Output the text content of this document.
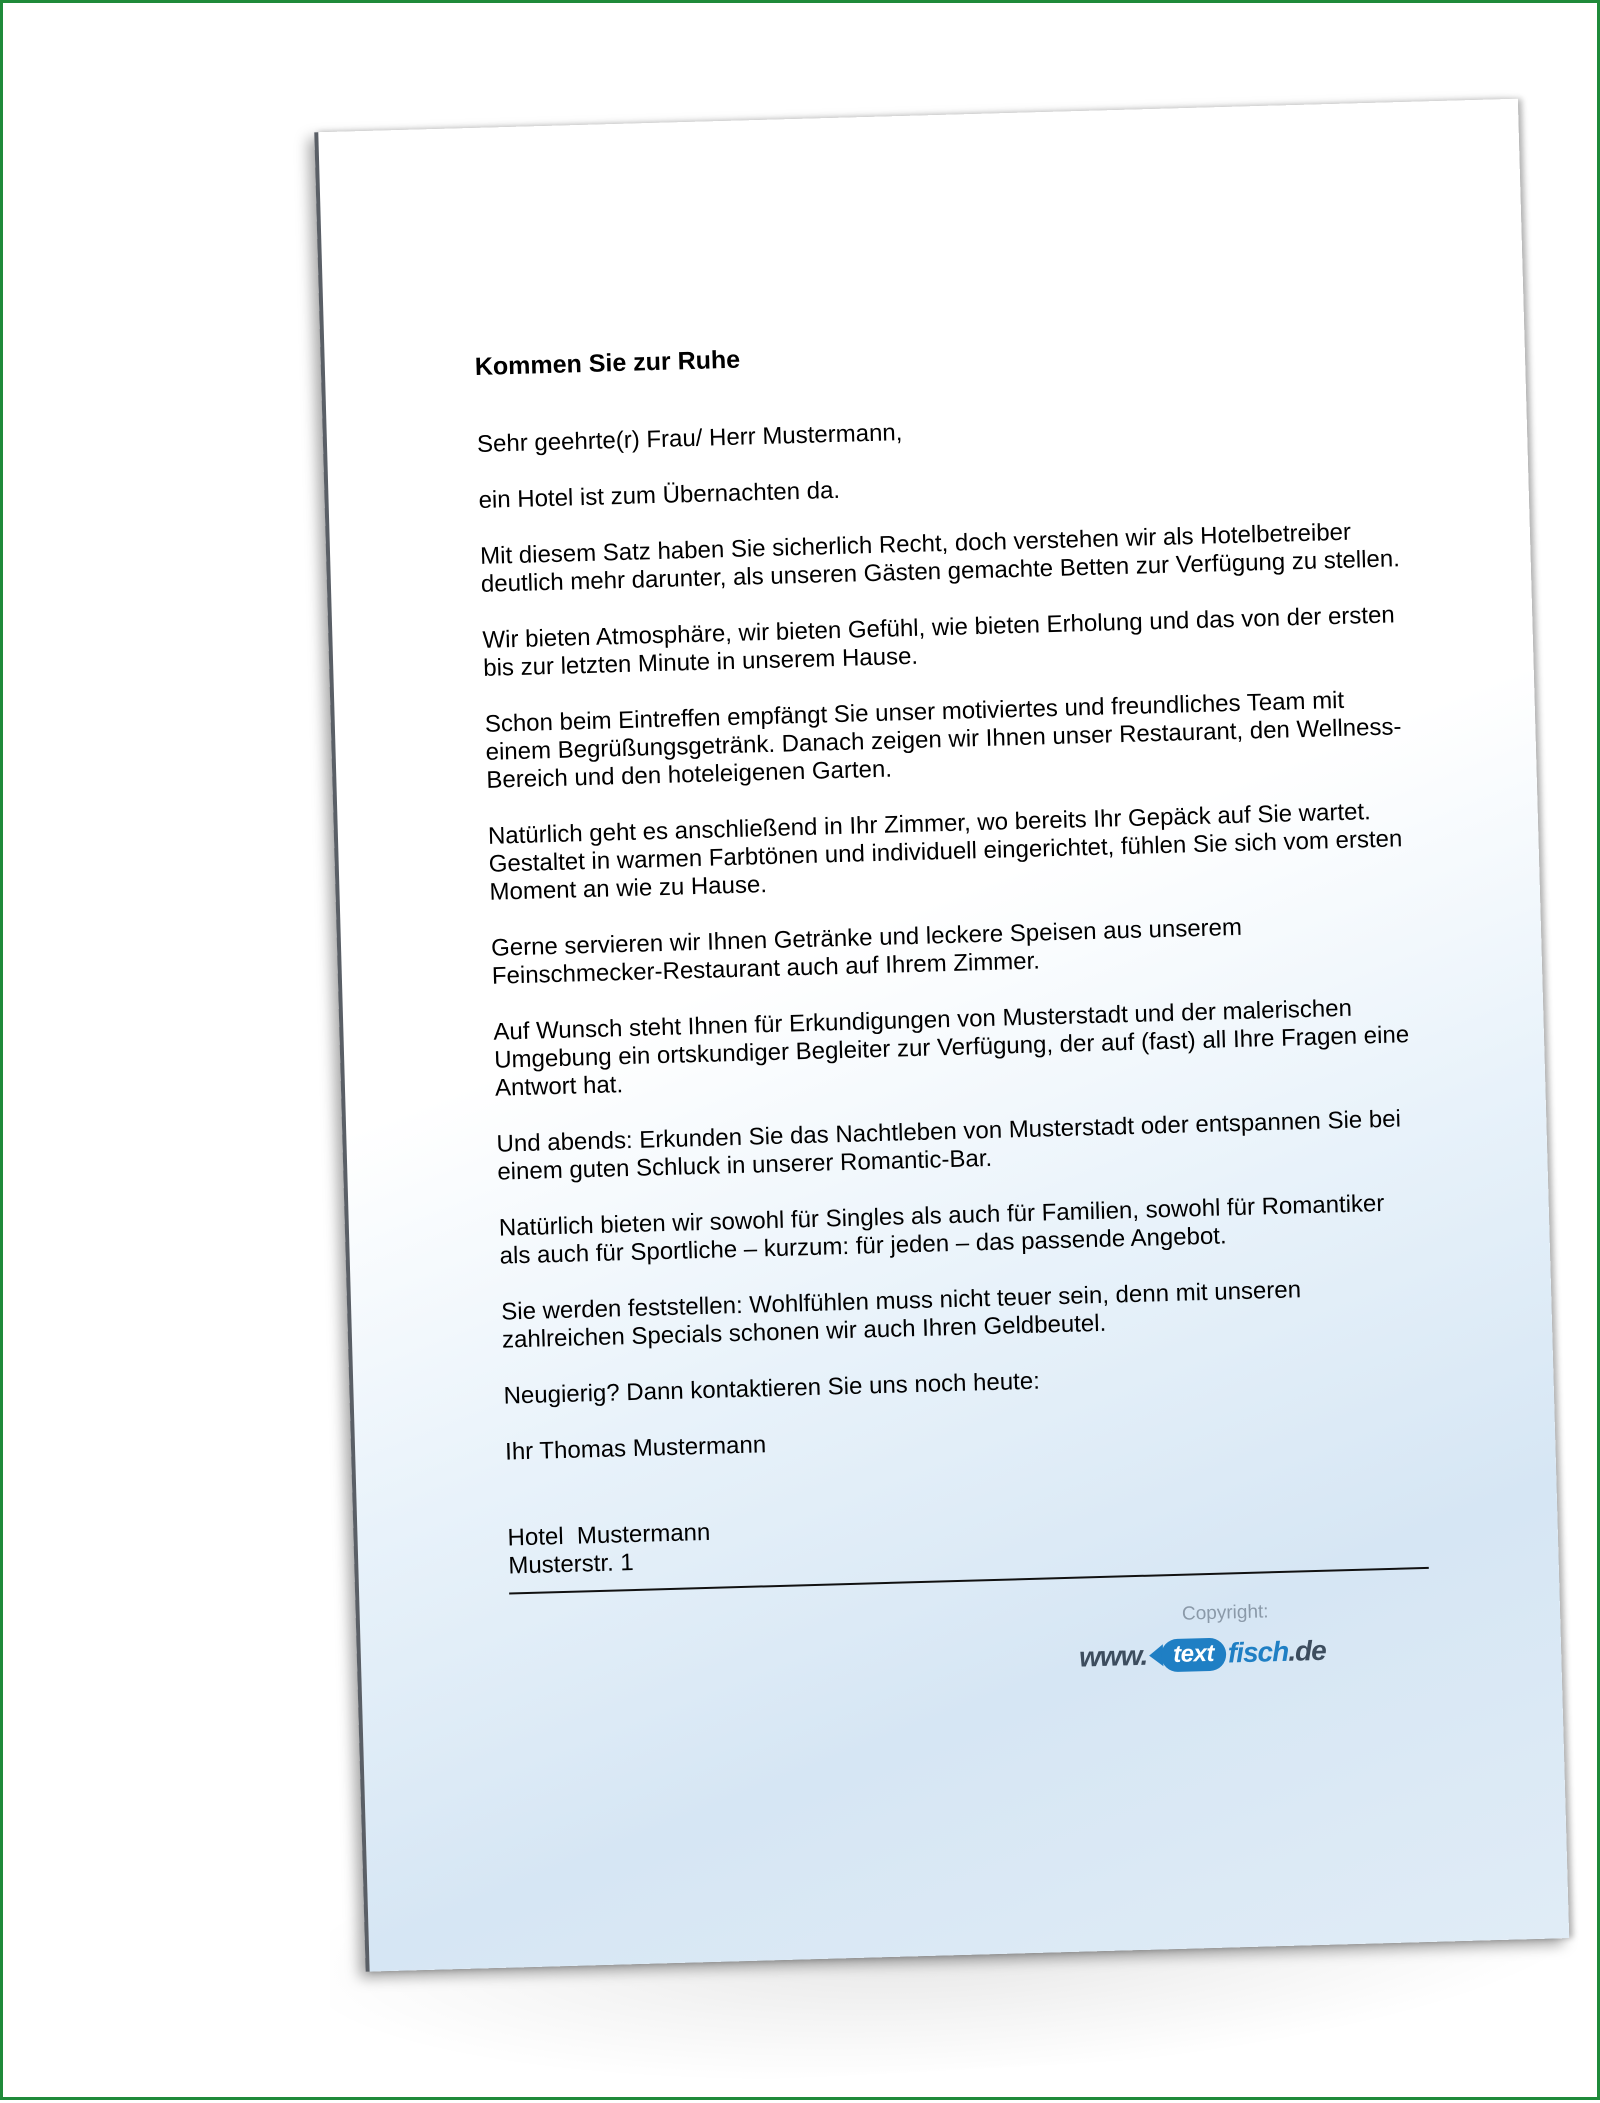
Kommen Sie zur Ruhe
Sehr geehrte(r) Frau/ Herr Mustermann,
ein Hotel ist zum Übernachten da.
Mit diesem Satz haben Sie sicherlich Recht, doch verstehen wir als Hotelbetreiber deutlich mehr darunter, als unseren Gästen gemachte Betten zur Verfügung zu stellen.
Wir bieten Atmosphäre, wir bieten Gefühl, wie bieten Erholung und das von der ersten bis zur letzten Minute in unserem Hause.
Schon beim Eintreffen empfängt Sie unser motiviertes und freundliches Team mit einem Begrüßungsgetränk. Danach zeigen wir Ihnen unser Restaurant, den Wellness-Bereich und den hoteleigenen Garten.
Natürlich geht es anschließend in Ihr Zimmer, wo bereits Ihr Gepäck auf Sie wartet. Gestaltet in warmen Farbtönen und individuell eingerichtet, fühlen Sie sich vom ersten Moment an wie zu Hause.
Gerne servieren wir Ihnen Getränke und leckere Speisen aus unserem Feinschmecker-Restaurant auch auf Ihrem Zimmer.
Auf Wunsch steht Ihnen für Erkundigungen von Musterstadt und der malerischen Umgebung ein ortskundiger Begleiter zur Verfügung, der auf (fast) all Ihre Fragen eine Antwort hat.
Und abends: Erkunden Sie das Nachtleben von Musterstadt oder entspannen Sie bei einem guten Schluck in unserer Romantic-Bar.
Natürlich bieten wir sowohl für Singles als auch für Familien, sowohl für Romantiker als auch für Sportliche – kurzum: für jeden – das passende Angebot.
Sie werden feststellen: Wohlfühlen muss nicht teuer sein, denn mit unseren zahlreichen Specials schonen wir auch Ihren Geldbeutel.
Neugierig? Dann kontaktieren Sie uns noch heute:
Ihr Thomas Mustermann
Hotel  Mustermann
Musterstr. 1
Copyright:
www.	text fisch .de
